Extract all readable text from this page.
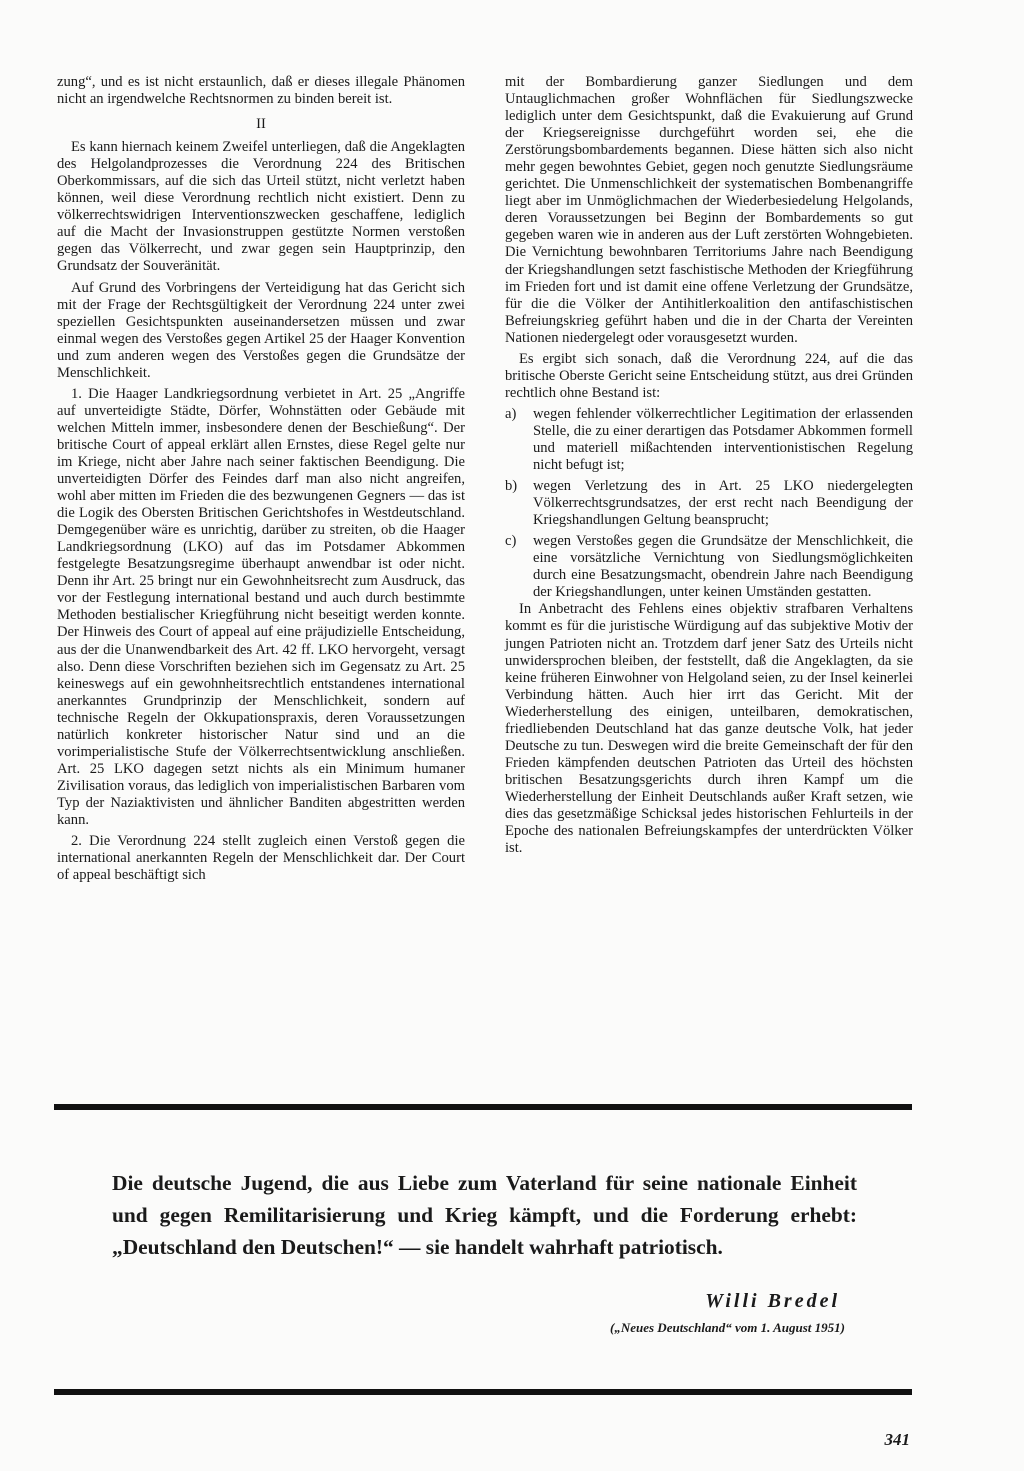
zung“, und es ist nicht erstaunlich, daß er dieses illegale Phänomen nicht an irgendwelche Rechtsnormen zu binden bereit ist.

II

Es kann hiernach keinem Zweifel unterliegen, daß die Angeklagten des Helgolandprozesses die Verordnung 224 des Britischen Oberkommissars, auf die sich das Urteil stützt, nicht verletzt haben können, weil diese Verordnung rechtlich nicht existiert. Denn zu völkerrechtswidrigen Interventionszwecken geschaffene, lediglich auf die Macht der Invasionstruppen gestützte Normen verstoßen gegen das Völkerrecht, und zwar gegen sein Hauptprinzip, den Grundsatz der Souveränität.

Auf Grund des Vorbringens der Verteidigung hat das Gericht sich mit der Frage der Rechtsgültigkeit der Verordnung 224 unter zwei speziellen Gesichtspunkten auseinandersetzen müssen und zwar einmal wegen des Verstoßes gegen Artikel 25 der Haager Konvention und zum anderen wegen des Verstoßes gegen die Grundsätze der Menschlichkeit.

1. Die Haager Landkriegsordnung verbietet in Art. 25 „Angriffe auf unverteidigte Städte, Dörfer, Wohnstätten oder Gebäude mit welchen Mitteln immer, insbesondere denen der Beschießung“. Der britische Court of appeal erklärt allen Ernstes, diese Regel gelte nur im Kriege, nicht aber Jahre nach seiner faktischen Beendigung. Die unverteidigten Dörfer des Feindes darf man also nicht angreifen, wohl aber mitten im Frieden die des bezwungenen Gegners — das ist die Logik des Obersten Britischen Gerichtshofes in Westdeutschland. Demgegenüber wäre es unrichtig, darüber zu streiten, ob die Haager Landkriegsordnung (LKO) auf das im Potsdamer Abkommen festgelegte Besatzungsregime überhaupt anwendbar ist oder nicht. Denn ihr Art. 25 bringt nur ein Gewohnheitsrecht zum Ausdruck, das vor der Festlegung international bestand und auch durch bestimmte Methoden bestialischer Kriegführung nicht beseitigt werden konnte. Der Hinweis des Court of appeal auf eine präjudizielle Entscheidung, aus der die Unanwendbarkeit des Art. 42 ff. LKO hervorgeht, versagt also. Denn diese Vorschriften beziehen sich im Gegensatz zu Art. 25 keineswegs auf ein gewohnheitsrechtlich entstandenes international anerkanntes Grundprinzip der Menschlichkeit, sondern auf technische Regeln der Okkupationspraxis, deren Voraussetzungen natürlich konkreter historischer Natur sind und an die vorimperialistische Stufe der Völkerrechtsentwicklung anschließen. Art. 25 LKO dagegen setzt nichts als ein Minimum humaner Zivilisation voraus, das lediglich von imperialistischen Barbaren vom Typ der Naziaktivisten und ähnlicher Banditen abgestritten werden kann.

2. Die Verordnung 224 stellt zugleich einen Verstoß gegen die international anerkannten Regeln der Menschlichkeit dar. Der Court of appeal beschäftigt sich

mit der Bombardierung ganzer Siedlungen und dem Untauglichmachen großer Wohnflächen für Siedlungszwecke lediglich unter dem Gesichtspunkt, daß die Evakuierung auf Grund der Kriegsereignisse durchgeführt worden sei, ehe die Zerstörungsbombardements begannen. Diese hätten sich also nicht mehr gegen bewohntes Gebiet, gegen noch genutzte Siedlungsräume gerichtet. Die Unmenschlichkeit der systematischen Bombenangriffe liegt aber im Unmöglichmachen der Wiederbesiedelung Helgolands, deren Voraussetzungen bei Beginn der Bombardements so gut gegeben waren wie in anderen aus der Luft zerstörten Wohngebieten. Die Vernichtung bewohnbaren Territoriums Jahre nach Beendigung der Kriegshandlungen setzt faschistische Methoden der Kriegführung im Frieden fort und ist damit eine offene Verletzung der Grundsätze, für die die Völker der Antihitlerkoalition den antifaschistischen Befreiungskrieg geführt haben und die in der Charta der Vereinten Nationen niedergelegt oder vorausgesetzt wurden.

Es ergibt sich sonach, daß die Verordnung 224, auf die das britische Oberste Gericht seine Entscheidung stützt, aus drei Gründen rechtlich ohne Bestand ist:

a)	wegen fehlender völkerrechtlicher Legitimation der erlassenden Stelle, die zu einer derartigen das Potsdamer Abkommen formell und materiell mißachtenden interventionistischen Regelung nicht befugt ist;
b)	wegen Verletzung des in Art. 25 LKO niedergelegten Völkerrechtsgrundsatzes, der erst recht nach Beendigung der Kriegshandlungen Geltung beansprucht;
c)	wegen Verstoßes gegen die Grundsätze der Menschlichkeit, die eine vorsätzliche Vernichtung von Siedlungsmöglichkeiten durch eine Besatzungsmacht, obendrein Jahre nach Beendigung der Kriegshandlungen, unter keinen Umständen gestatten.

In Anbetracht des Fehlens eines objektiv strafbaren Verhaltens kommt es für die juristische Würdigung auf das subjektive Motiv der jungen Patrioten nicht an. Trotzdem darf jener Satz des Urteils nicht unwidersprochen bleiben, der feststellt, daß die Angeklagten, da sie keine früheren Einwohner von Helgoland seien, zu der Insel keinerlei Verbindung hätten. Auch hier irrt das Gericht. Mit der Wiederherstellung des einigen, unteilbaren, demokratischen, friedliebenden Deutschland hat das ganze deutsche Volk, hat jeder Deutsche zu tun. Deswegen wird die breite Gemeinschaft der für den Frieden kämpfenden deutschen Patrioten das Urteil des höchsten britischen Besatzungsgerichts durch ihren Kampf um die Wiederherstellung der Einheit Deutschlands außer Kraft setzen, wie dies das gesetzmäßige Schicksal jedes historischen Fehlurteils in der Epoche des nationalen Befreiungskampfes der unterdrückten Völker ist.

Die deutsche Jugend, die aus Liebe zum Vaterland für seine nationale Einheit und gegen Remilitarisierung und Krieg kämpft, und die Forderung erhebt: „Deutschland den Deutschen!“ — sie handelt wahrhaft patriotisch.

Willi Bredel
(„Neues Deutschland“ vom 1. August 1951)
341
